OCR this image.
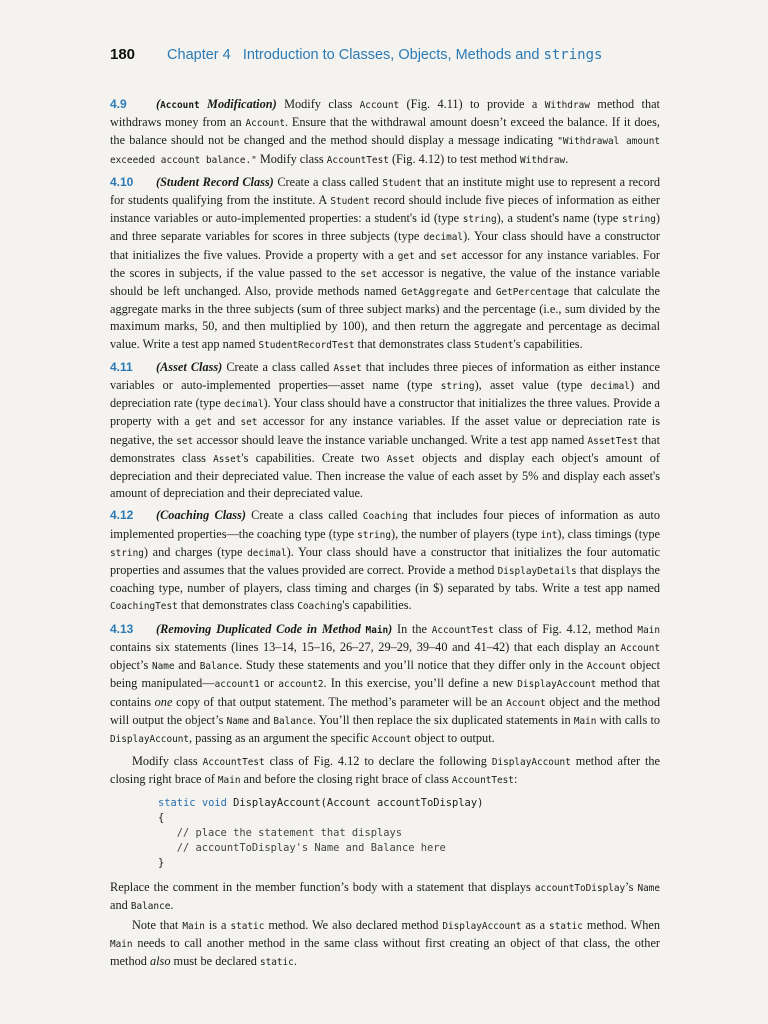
180 Chapter 4 Introduction to Classes, Objects, Methods and strings

4.9 (Account Modification) Modify class Account (Fig. 4.11) to provide a Withdraw method that withdraws money from an Account. Ensure that the withdrawal amount doesn’t exceed the balance. If it does, the balance should not be changed and the method should display a message indicating "Withdrawal amount exceeded account balance." Modify class AccountTest (Fig. 4.12) to test method Withdraw.

4.10 (Student Record Class) Create a class called Student that an institute might use to represent a record for students qualifying from the institute. A Student record should include five pieces of information as either instance variables or auto-implemented properties: a student's id (type string), a student's name (type string) and three separate variables for scores in three subjects (type decimal). Your class should have a constructor that initializes the five values. Provide a property with a get and set accessor for any instance variables. For the scores in subjects, if the value passed to the set accessor is negative, the value of the instance variable should be left unchanged. Also, provide methods named GetAggregate and GetPercentage that calculate the aggregate marks in the three subjects (sum of three subject marks) and the percentage (i.e., sum divided by the maximum marks, 50, and then multiplied by 100), and then return the aggregate and percentage as decimal value. Write a test app named StudentRecordTest that demonstrates class Student's capabilities.

4.11 (Asset Class) Create a class called Asset that includes three pieces of information as either instance variables or auto-implemented properties—asset name (type string), asset value (type decimal) and depreciation rate (type decimal). Your class should have a constructor that initializes the three values. Provide a property with a get and set accessor for any instance variables. If the asset value or depreciation rate is negative, the set accessor should leave the instance variable unchanged. Write a test app named AssetTest that demonstrates class Asset's capabilities. Create two Asset objects and display each object's amount of depreciation and their depreciated value. Then increase the value of each asset by 5% and display each asset's amount of depreciation and their depreciated value.

4.12 (Coaching Class) Create a class called Coaching that includes four pieces of information as auto implemented properties—the coaching type (type string), the number of players (type int), class timings (type string) and charges (type decimal). Your class should have a constructor that initializes the four automatic properties and assumes that the values provided are correct. Provide a method DisplayDetails that displays the coaching type, number of players, class timing and charges (in $) separated by tabs. Write a test app named CoachingTest that demonstrates class Coaching's capabilities.

4.13 (Removing Duplicated Code in Method Main) In the AccountTest class of Fig. 4.12, method Main contains six statements (lines 13–14, 15–16, 26–27, 29–29, 39–40 and 41–42) that each display an Account object’s Name and Balance. Study these statements and you’ll notice that they differ only in the Account object being manipulated—account1 or account2. In this exercise, you’ll define a new DisplayAccount method that contains one copy of that output statement. The method’s parameter will be an Account object and the method will output the object’s Name and Balance. You’ll then replace the six duplicated statements in Main with calls to DisplayAccount, passing as an argument the specific Account object to output.

Modify class AccountTest class of Fig. 4.12 to declare the following DisplayAccount method after the closing right brace of Main and before the closing right brace of class AccountTest:

static void DisplayAccount(Account accountToDisplay)
{
// place the statement that displays
// accountToDisplay's Name and Balance here
}

Replace the comment in the member function’s body with a statement that displays accountToDisplay’s Name and Balance.

Note that Main is a static method. We also declared method DisplayAccount as a static method. When Main needs to call another method in the same class without first creating an object of that class, the other method also must be declared static.
